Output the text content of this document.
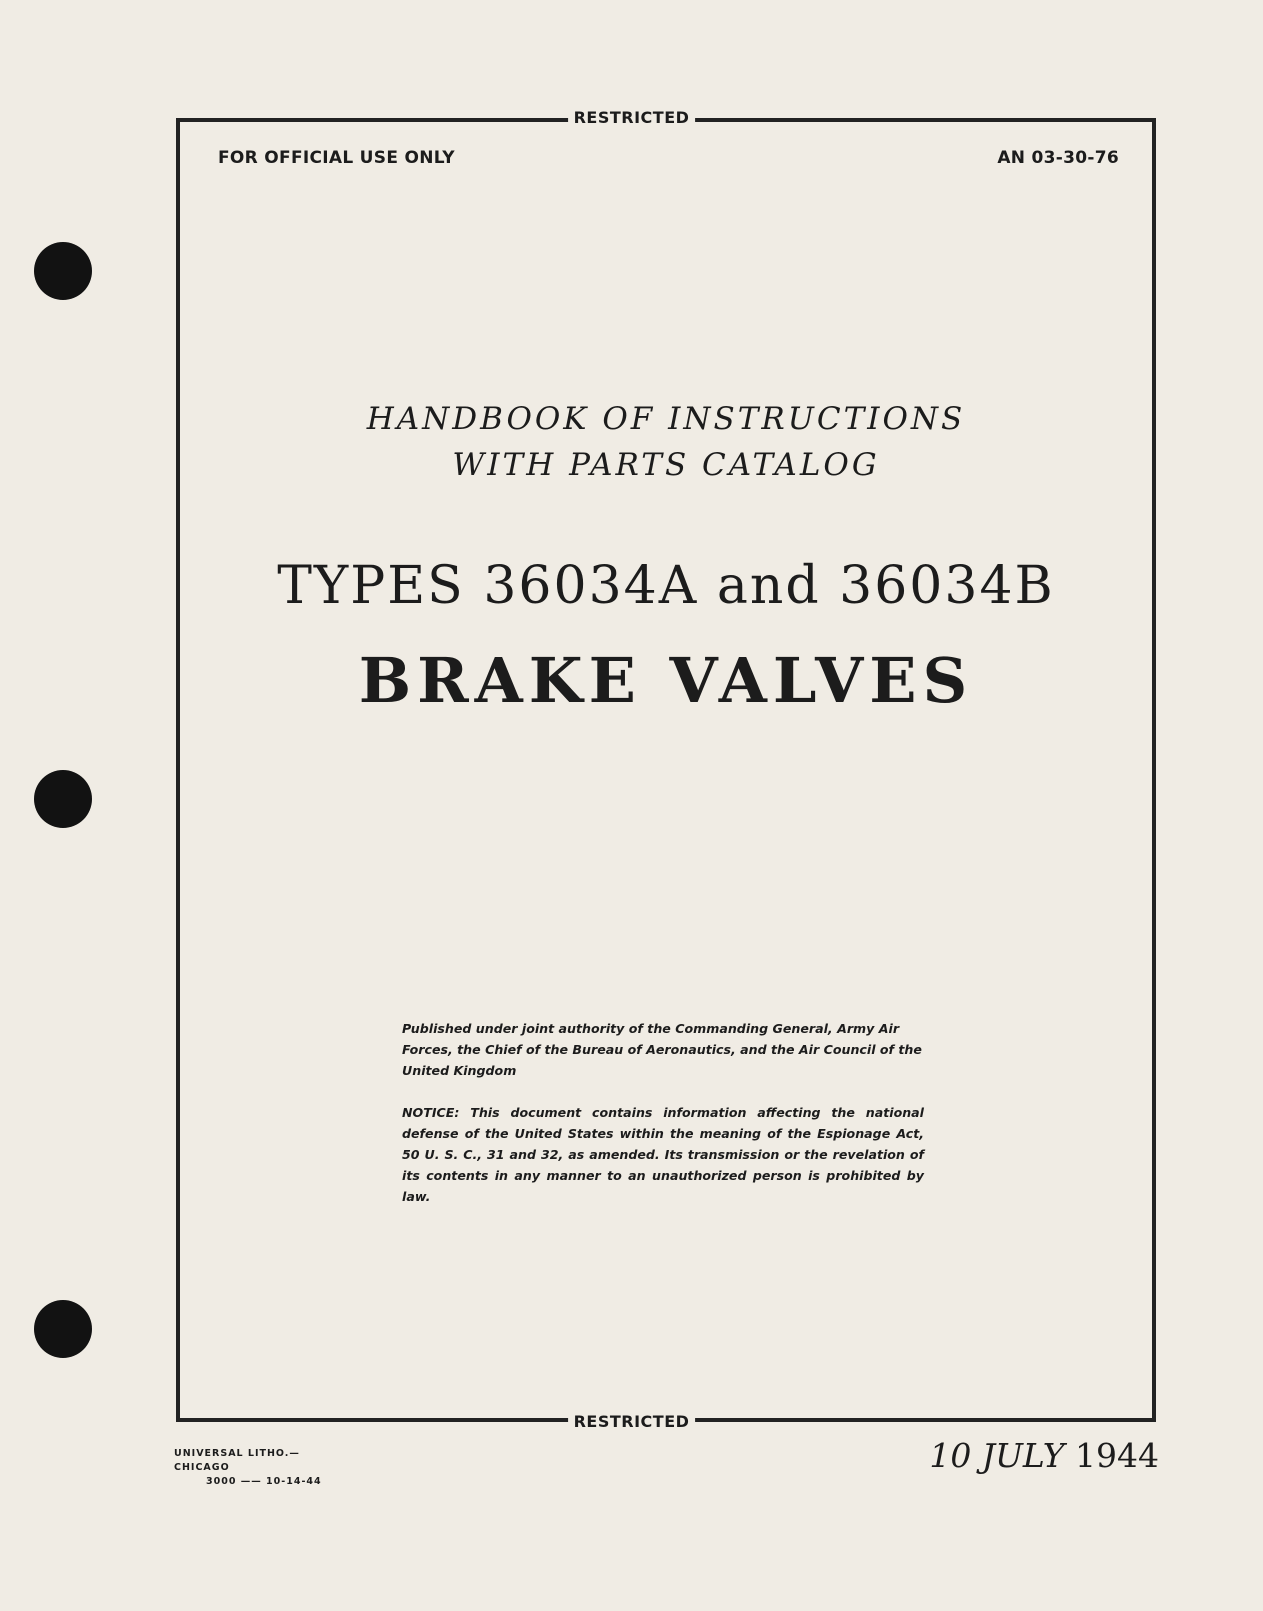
RESTRICTED
RESTRICTED
FOR OFFICIAL USE ONLY	AN 03-30-76
HANDBOOK OF INSTRUCTIONS
WITH PARTS CATALOG
TYPES 36034A and 36034B
BRAKE VALVES
Published under joint authority of the Commanding General, Army Air Forces, the Chief of the Bureau of Aeronautics, and the Air Council of the United Kingdom
NOTICE: This document contains information affecting the national defense of the United States within the meaning of the Espionage Act, 50 U. S. C., 31 and 32, as amended. Its transmission or the revelation of its contents in any manner to an unauthorized person is prohibited by law.
UNIVERSAL LITHO.—CHICAGO
3000 —— 10-14-44
10 JULY 1944
